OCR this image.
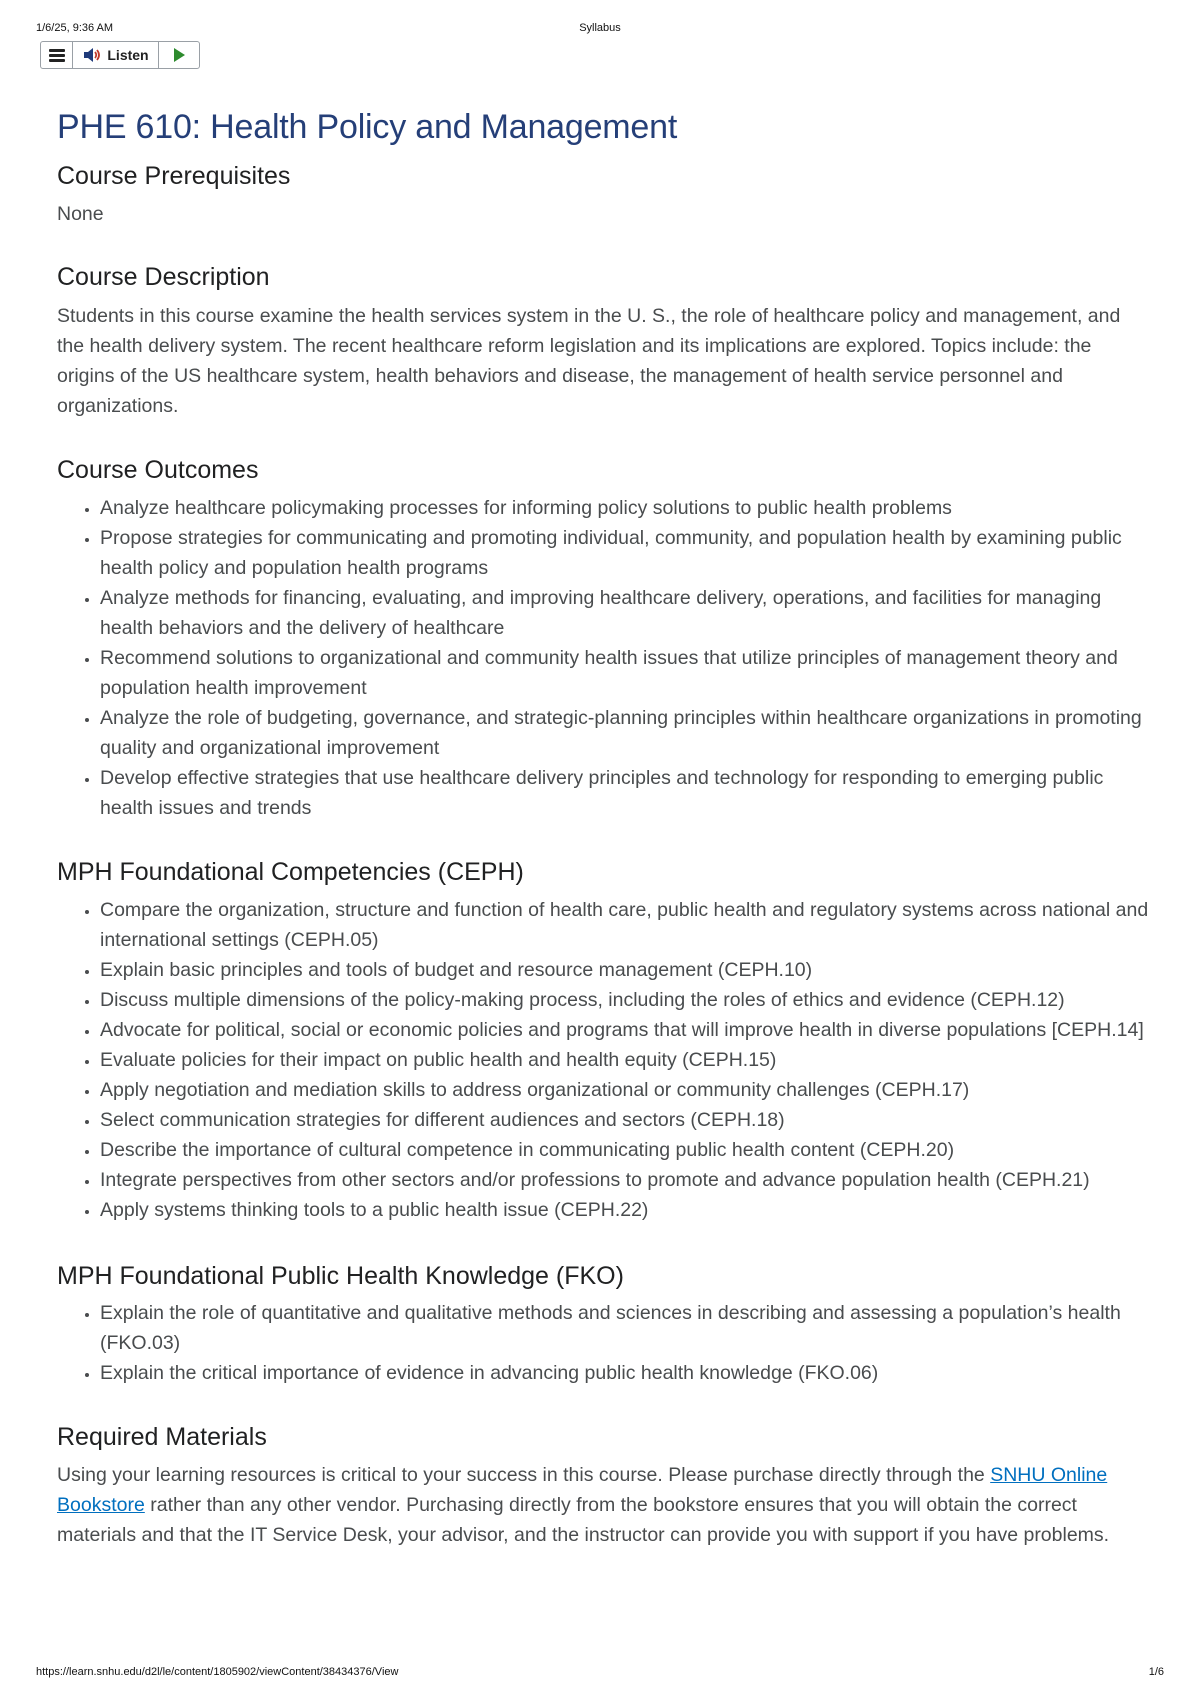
1/6/25, 9:36 AM	Syllabus
Listen
PHE 610: Health Policy and Management
Course Prerequisites

None

Course Description

Students in this course examine the health services system in the U. S., the role of healthcare policy and management, and the health delivery system. The recent healthcare reform legislation and its implications are explored. Topics include: the origins of the US healthcare system, health behaviors and disease, the management of health service personnel and organizations.

Course Outcomes
• Analyze healthcare policymaking processes for informing policy solutions to public health problems
• Propose strategies for communicating and promoting individual, community, and population health by examining public health policy and population health programs
• Analyze methods for financing, evaluating, and improving healthcare delivery, operations, and facilities for managing health behaviors and the delivery of healthcare
• Recommend solutions to organizational and community health issues that utilize principles of management theory and population health improvement
• Analyze the role of budgeting, governance, and strategic-planning principles within healthcare organizations in promoting quality and organizational improvement
• Develop effective strategies that use healthcare delivery principles and technology for responding to emerging public health issues and trends
MPH Foundational Competencies (CEPH)
• Compare the organization, structure and function of health care, public health and regulatory systems across national and international settings (CEPH.05)
• Explain basic principles and tools of budget and resource management (CEPH.10)
• Discuss multiple dimensions of the policy-making process, including the roles of ethics and evidence (CEPH.12)
• Advocate for political, social or economic policies and programs that will improve health in diverse populations [CEPH.14]
• Evaluate policies for their impact on public health and health equity (CEPH.15)
• Apply negotiation and mediation skills to address organizational or community challenges (CEPH.17)
• Select communication strategies for different audiences and sectors (CEPH.18)
• Describe the importance of cultural competence in communicating public health content (CEPH.20)
• Integrate perspectives from other sectors and/or professions to promote and advance population health (CEPH.21)
• Apply systems thinking tools to a public health issue (CEPH.22)
MPH Foundational Public Health Knowledge (FKO)
• Explain the role of quantitative and qualitative methods and sciences in describing and assessing a population’s health (FKO.03)
• Explain the critical importance of evidence in advancing public health knowledge (FKO.06)
Required Materials

Using your learning resources is critical to your success in this course. Please purchase directly through the SNHU Online Bookstore rather than any other vendor. Purchasing directly from the bookstore ensures that you will obtain the correct materials and that the IT Service Desk, your advisor, and the instructor can provide you with support if you have problems.

https://learn.snhu.edu/d2l/le/content/1805902/viewContent/38434376/View	1/6
